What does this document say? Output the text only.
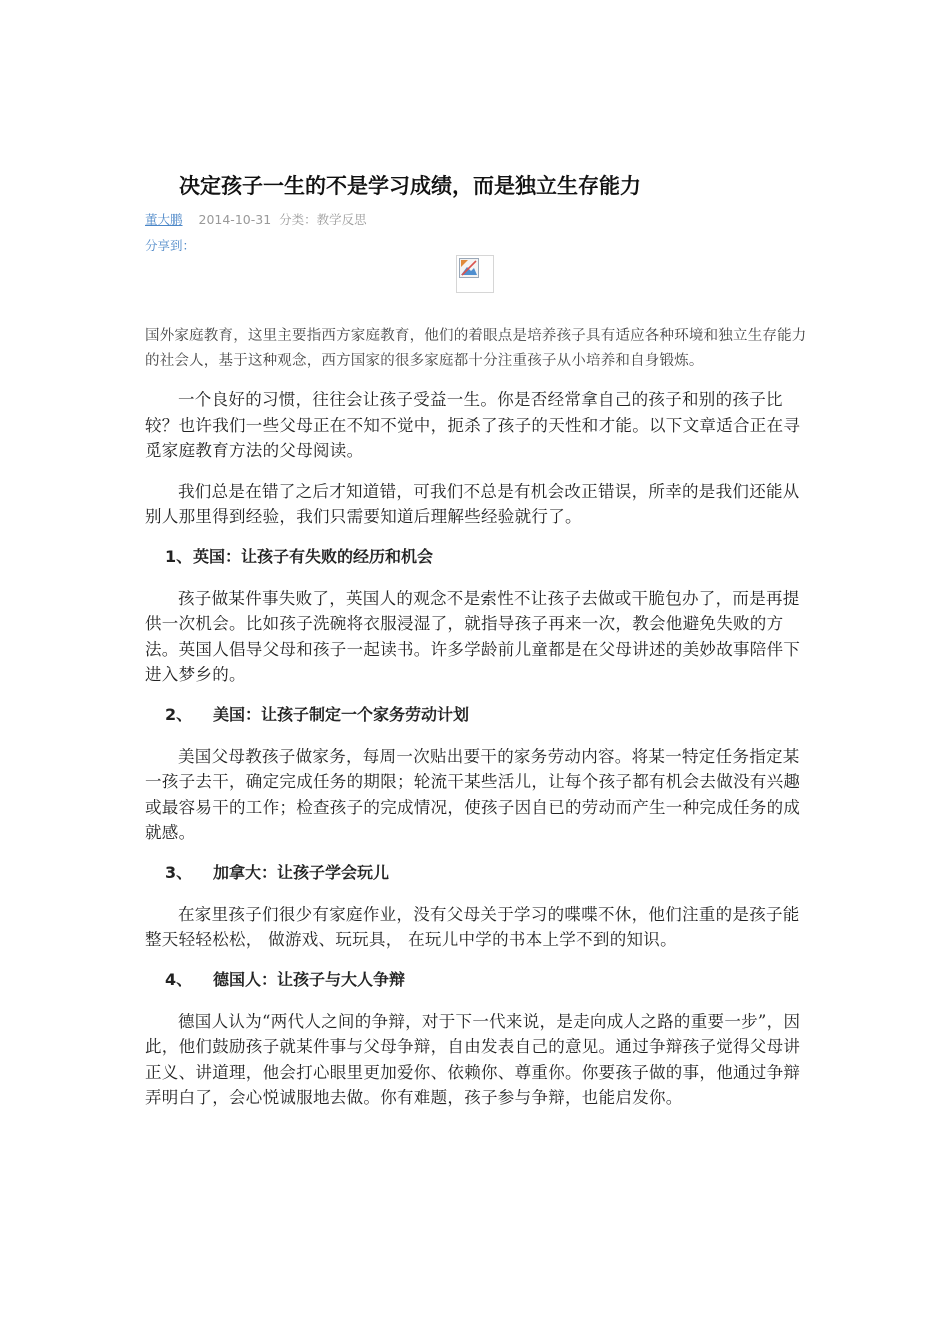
决定孩子一生的不是学习成绩，而是独立生存能力
董大鹏 2014-10-31 分类：教学反思
分享到：

国外家庭教育，这里主要指西方家庭教育，他们的着眼点是培养孩子具有适应各种环境和独立生存能力的社会人，基于这种观念，西方国家的很多家庭都十分注重孩子从小培养和自身锻炼。

一个良好的习惯，往往会让孩子受益一生。你是否经常拿自己的孩子和别的孩子比较？也许我们一些父母正在不知不觉中，扼杀了孩子的天性和才能。以下文章适合正在寻觅家庭教育方法的父母阅读。

我们总是在错了之后才知道错，可我们不总是有机会改正错误，所幸的是我们还能从别人那里得到经验，我们只需要知道后理解些经验就行了。

1、英国：让孩子有失败的经历和机会

孩子做某件事失败了，英国人的观念不是索性不让孩子去做或干脆包办了，而是再提供一次机会。比如孩子洗碗将衣服浸湿了，就指导孩子再来一次，教会他避免失败的方法。英国人倡导父母和孩子一起读书。许多学龄前儿童都是在父母讲述的美妙故事陪伴下进入梦乡的。

2、 美国：让孩子制定一个家务劳动计划

美国父母教孩子做家务，每周一次贴出要干的家务劳动内容。将某一特定任务指定某一孩子去干，确定完成任务的期限；轮流干某些活儿，让每个孩子都有机会去做没有兴趣或最容易干的工作；检查孩子的完成情况，使孩子因自已的劳动而产生一种完成任务的成就感。

3、 加拿大：让孩子学会玩儿

在家里孩子们很少有家庭作业，没有父母关于学习的喋喋不休，他们注重的是孩子能整天轻轻松松， 做游戏、玩玩具， 在玩儿中学的书本上学不到的知识。

4、 德国人：让孩子与大人争辩

德国人认为“两代人之间的争辩，对于下一代来说，是走向成人之路的重要一步”，因此，他们鼓励孩子就某件事与父母争辩，自由发表自己的意见。通过争辩孩子觉得父母讲正义、讲道理，他会打心眼里更加爱你、依赖你、尊重你。你要孩子做的事，他通过争辩弄明白了，会心悦诚服地去做。你有难题，孩子参与争辩，也能启发你。
